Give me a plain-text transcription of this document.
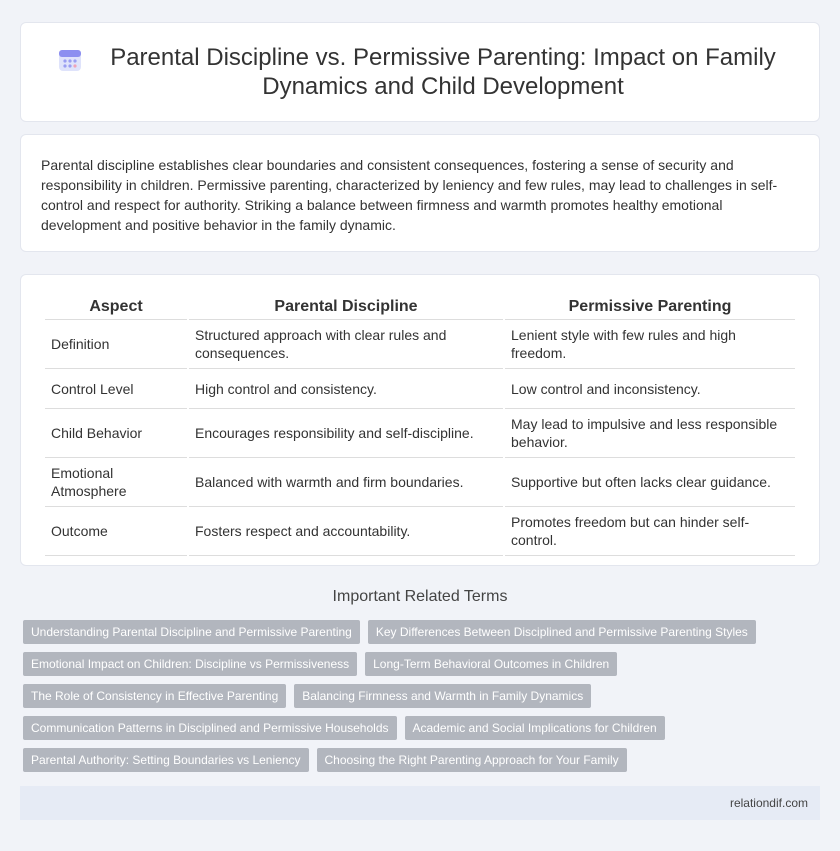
Parental Discipline vs. Permissive Parenting: Impact on Family Dynamics and Child Development

Parental discipline establishes clear boundaries and consistent consequences, fostering a sense of security and responsibility in children. Permissive parenting, characterized by leniency and few rules, may lead to challenges in self-control and respect for authority. Striking a balance between firmness and warmth promotes healthy emotional development and positive behavior in the family dynamic.

Aspect	Parental Discipline	Permissive Parenting
Definition	Structured approach with clear rules and consequences.	Lenient style with few rules and high freedom.
Control Level	High control and consistency.	Low control and inconsistency.
Child Behavior	Encourages responsibility and self-discipline.	May lead to impulsive and less responsible behavior.
Emotional Atmosphere	Balanced with warmth and firm boundaries.	Supportive but often lacks clear guidance.
Outcome	Fosters respect and accountability.	Promotes freedom but can hinder self-control.
Important Related Terms
Understanding Parental Discipline and Permissive Parenting	Key Differences Between Disciplined and Permissive Parenting Styles
Emotional Impact on Children: Discipline vs Permissiveness	Long-Term Behavioral Outcomes in Children
The Role of Consistency in Effective Parenting	Balancing Firmness and Warmth in Family Dynamics
Communication Patterns in Disciplined and Permissive Households	Academic and Social Implications for Children
Parental Authority: Setting Boundaries vs Leniency	Choosing the Right Parenting Approach for Your Family
relationdif.com
